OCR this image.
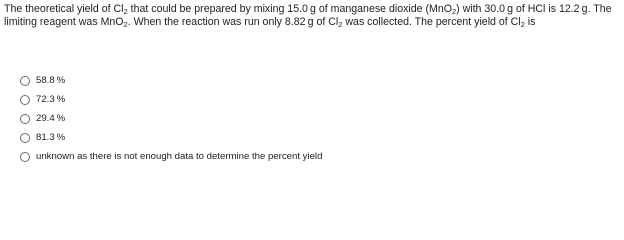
The theoretical yield of $Cl_2$ that could be prepared by mixing 15.0 g of manganese dioxide (MnO$_2$) with 30.0 g of HCl is 12.2 g. The limiting reagent was MnO$_2$. When the reaction was run only 8.82 g of $Cl_2$ was collected. The percent yield of $Cl_2$ is

58.8 %
72.3 %
29.4 %
81.3 %
unknown as there is not enough data to determine the percent yield
